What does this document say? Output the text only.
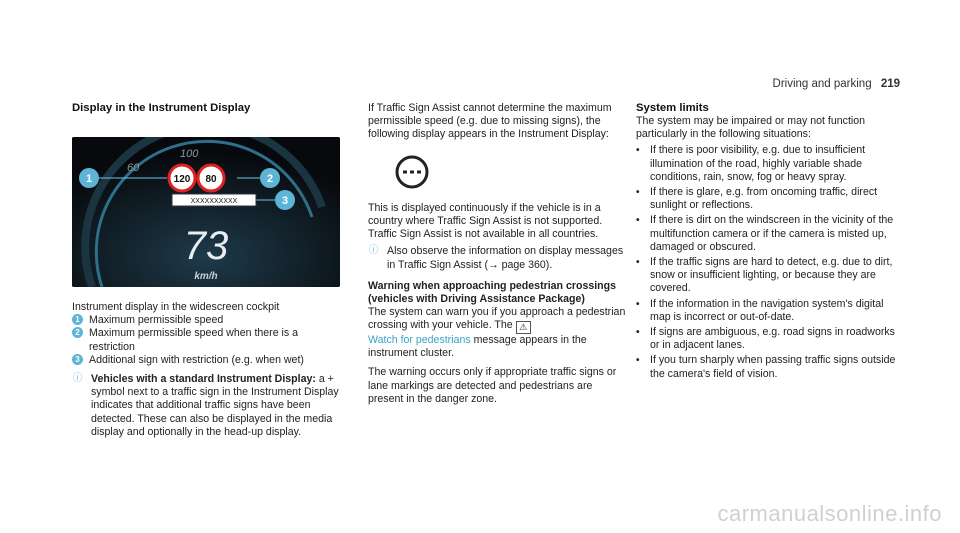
Driving and parking 219
Display in the Instrument Display
60
100
120 80
XXXXXXXXXX
1	2
3
73
km/h

Instrument display in the widescreen cockpit

1 Maximum permissible speed
2 Maximum permissible speed when there is a restriction
3 Additional sign with restriction (e.g. when wet)
ⓘ Vehicles with a standard Instrument Display: a + symbol next to a traffic sign in the Instrument Display indicates that additional traffic signs have been detected. These can also be displayed in the media display and optionally in the head-up display.

If Traffic Sign Assist cannot determine the maximum permissible speed (e.g. due to missing signs), the following display appears in the Instrument Display:

This is displayed continuously if the vehicle is in a country where Traffic Sign Assist is not supported. Traffic Sign Assist is not available in all countries.

ⓘ Also observe the information on display messages in Traffic Sign Assist (→ page 360).
Warning when approaching pedestrian crossings
(vehicles with Driving Assistance Package)

The system can warn you if you approach a pedestrian crossing with your vehicle. The ⚠
Watch for pedestrians message appears in the instrument cluster.

The warning occurs only if appropriate traffic signs or lane markings are detected and pedestrians are present in the danger zone.

System limits

The system may be impaired or may not function particularly in the following situations:

• If there is poor visibility, e.g. due to insufficient illumination of the road, highly variable shade conditions, rain, snow, fog or heavy spray.
• If there is glare, e.g. from oncoming traffic, direct sunlight or reflections.
• If there is dirt on the windscreen in the vicinity of the multifunction camera or if the camera is misted up, damaged or obscured.
• If the traffic signs are hard to detect, e.g. due to dirt, snow or insufficient lighting, or because they are covered.
• If the information in the navigation system's digital map is incorrect or out-of-date.
• If signs are ambiguous, e.g. road signs in roadworks or in adjacent lanes.
• If you turn sharply when passing traffic signs outside the camera's field of vision.
carmanualsonline.info
